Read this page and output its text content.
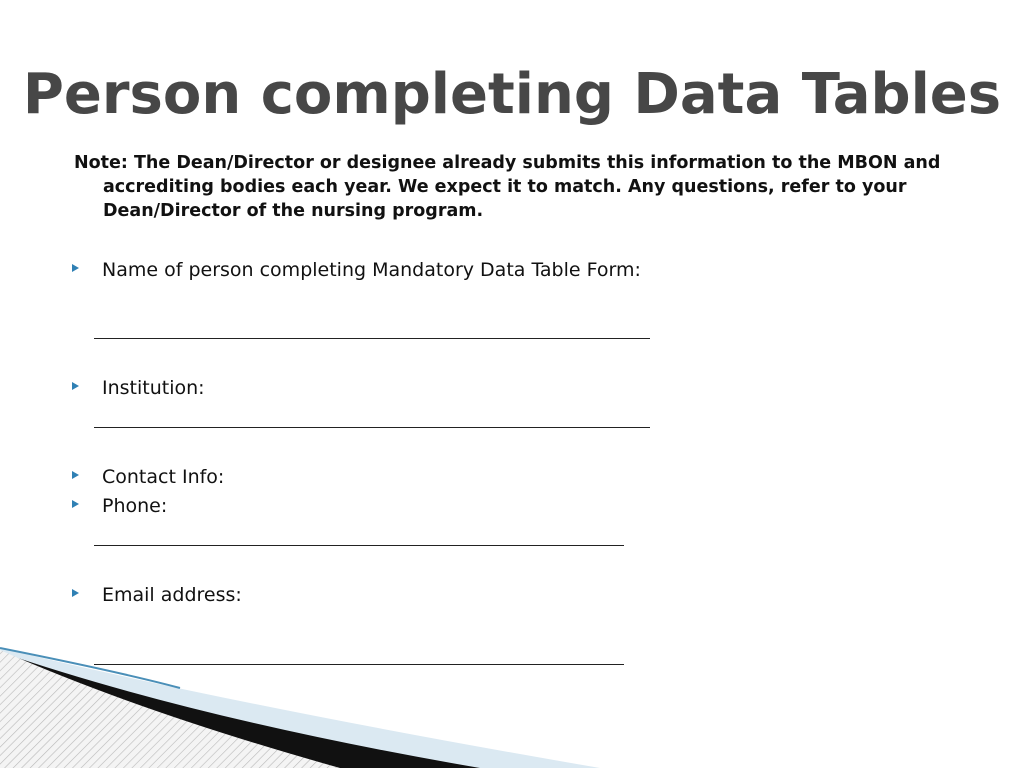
Person completing Data Tables

Note: The Dean/Director or designee already submits this information to the MBON and accrediting bodies each year. We expect it to match. Any questions, refer to your Dean/Director of the nursing program.

Name of person completing Mandatory Data Table Form:
Institution:
Contact Info:
Phone:
Email address:
